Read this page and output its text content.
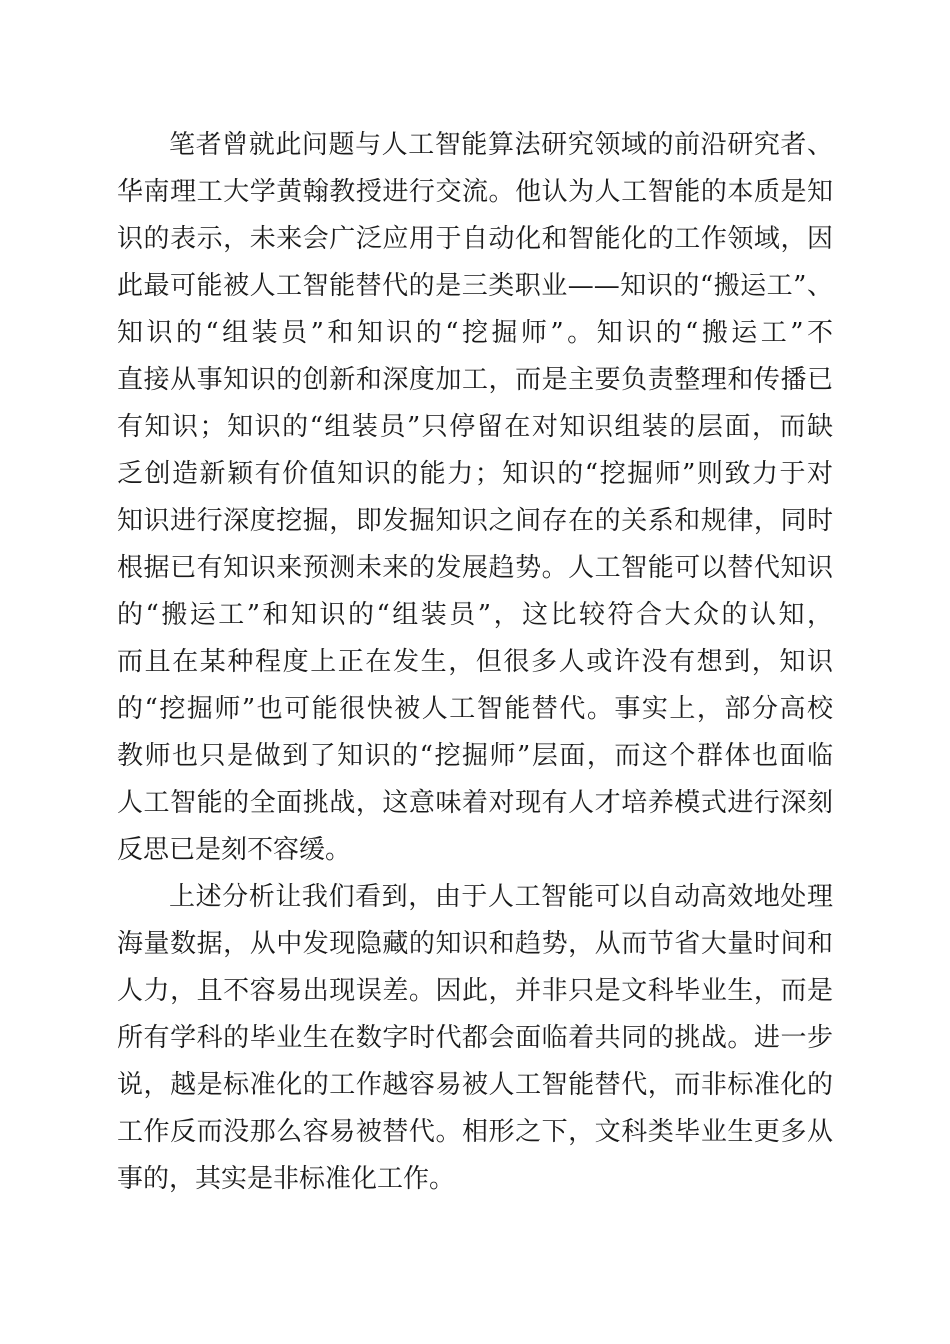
笔者曾就此问题与人工智能算法研究领域的前沿研究者、
华南理工大学黄翰教授进行交流。他认为人工智能的本质是知
识的表示，未来会广泛应用于自动化和智能化的工作领域，因
此最可能被人工智能替代的是三类职业——知识的“搬运工”、
知识的“组装员”和知识的“挖掘师”。知识的“搬运工”不
直接从事知识的创新和深度加工，而是主要负责整理和传播已
有知识；知识的“组装员”只停留在对知识组装的层面，而缺
乏创造新颖有价值知识的能力；知识的“挖掘师”则致力于对
知识进行深度挖掘，即发掘知识之间存在的关系和规律，同时
根据已有知识来预测未来的发展趋势。人工智能可以替代知识
的“搬运工”和知识的“组装员”，这比较符合大众的认知，
而且在某种程度上正在发生，但很多人或许没有想到，知识
的“挖掘师”也可能很快被人工智能替代。事实上，部分高校
教师也只是做到了知识的“挖掘师”层面，而这个群体也面临
人工智能的全面挑战，这意味着对现有人才培养模式进行深刻
反思已是刻不容缓。
上述分析让我们看到，由于人工智能可以自动高效地处理
海量数据，从中发现隐藏的知识和趋势，从而节省大量时间和
人力，且不容易出现误差。因此，并非只是文科毕业生，而是
所有学科的毕业生在数字时代都会面临着共同的挑战。进一步
说，越是标准化的工作越容易被人工智能替代，而非标准化的
工作反而没那么容易被替代。相形之下，文科类毕业生更多从
事的，其实是非标准化工作。
